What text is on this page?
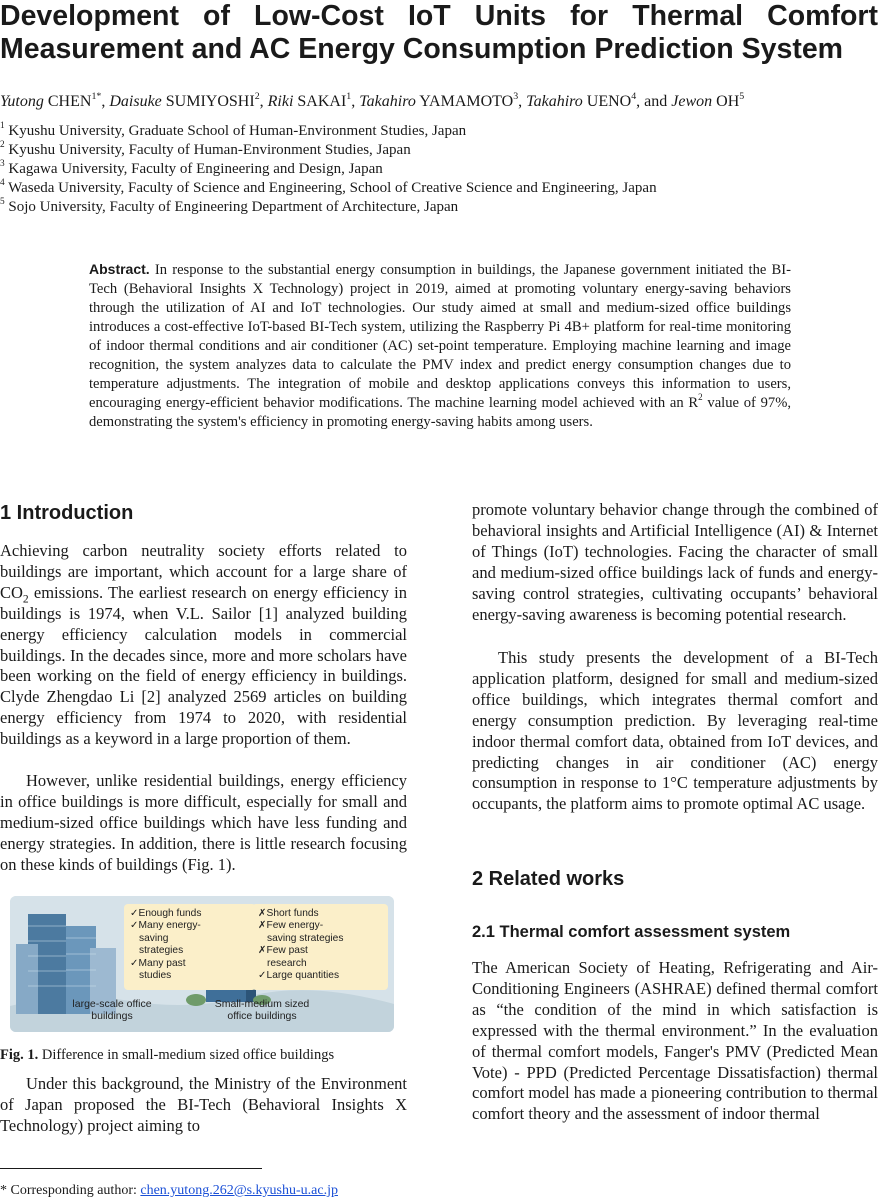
Development of Low-Cost IoT Units for Thermal Comfort Measurement and AC Energy Consumption Prediction System
Yutong $CHEN^{1*}$, Daisuke SUMIYOSHI$^2$, Riki SAKAI$^1$, Takahiro YAMAMOTO$^3$, Takahiro UENO$^4$, and Jewon $OH^5$
$^1$ Kyushu University, Graduate School of Human-Environment Studies, Japan
$^2$ Kyushu University, Faculty of Human-Environment Studies, Japan
$^3$ Kagawa University, Faculty of Engineering and Design, Japan
$^4$ Waseda University, Faculty of Science and Engineering, School of Creative Science and Engineering, Japan
$^5$ Sojo University, Faculty of Engineering Department of Architecture, Japan
Abstract. In response to the substantial energy consumption in buildings, the Japanese government initiated the BI-Tech (Behavioral Insights X Technology) project in 2019, aimed at promoting voluntary energy-saving behaviors through the utilization of AI and IoT technologies. Our study aimed at small and medium-sized office buildings introduces a cost-effective IoT-based BI-Tech system, utilizing the Raspberry Pi 4B+ platform for real-time monitoring of indoor thermal conditions and air conditioner (AC) set-point temperature. Employing machine learning and image recognition, the system analyzes data to calculate the PMV index and predict energy consumption changes due to temperature adjustments. The integration of mobile and desktop applications conveys this information to users, encouraging energy-efficient behavior modifications. The machine learning model achieved with an $R^2$ value of 97%, demonstrating the system's efficiency in promoting energy-saving habits among users.
1 Introduction

Achieving carbon neutrality society efforts related to buildings are important, which account for a large share of $CO_2$ emissions. The earliest research on energy efficiency in buildings is 1974, when V.L. Sailor [1] analyzed building energy efficiency calculation models in commercial buildings. In the decades since, more and more scholars have been working on the field of energy efficiency in buildings. Clyde Zhengdao Li [2] analyzed 2569 articles on building energy efficiency from 1974 to 2020, with residential buildings as a keyword in a large proportion of them.

However, unlike residential buildings, energy efficiency in office buildings is more difficult, especially for small and medium-sized office buildings which have less funding and energy strategies. In addition, there is little research focusing on these kinds of buildings (Fig. 1).

✓Enough funds
✓Many energy-
saving
strategies
✓Many past
studies
✗Short funds
✗Few energy-
saving strategies
✗Few past
research
✓Large quantities
large-scale office
buildings
Small-medium sized
office buildings
Fig. 1. Difference in small-medium sized office buildings

Under this background, the Ministry of the Environment of Japan proposed the BI-Tech (Behavioral Insights X Technology) project aiming to

promote voluntary behavior change through the combined of behavioral insights and Artificial Intelligence (AI) & Internet of Things (IoT) technologies. Facing the character of small and medium-sized office buildings lack of funds and energy-saving control strategies, cultivating occupants’ behavioral energy-saving awareness is becoming potential research.

This study presents the development of a BI-Tech application platform, designed for small and medium-sized office buildings, which integrates thermal comfort and energy consumption prediction. By leveraging real-time indoor thermal comfort data, obtained from IoT devices, and predicting changes in air conditioner (AC) energy consumption in response to 1°C temperature adjustments by occupants, the platform aims to promote optimal AC usage.

2 Related works
2.1 Thermal comfort assessment system

The American Society of Heating, Refrigerating and Air-Conditioning Engineers (ASHRAE) defined thermal comfort as “the condition of the mind in which satisfaction is expressed with the thermal environment.” In the evaluation of thermal comfort models, Fanger's PMV (Predicted Mean Vote) - PPD (Predicted Percentage Dissatisfaction) thermal comfort model has made a pioneering contribution to thermal comfort theory and the assessment of indoor thermal

* Corresponding author: chen.yutong.262@s.kyushu-u.ac.jp
